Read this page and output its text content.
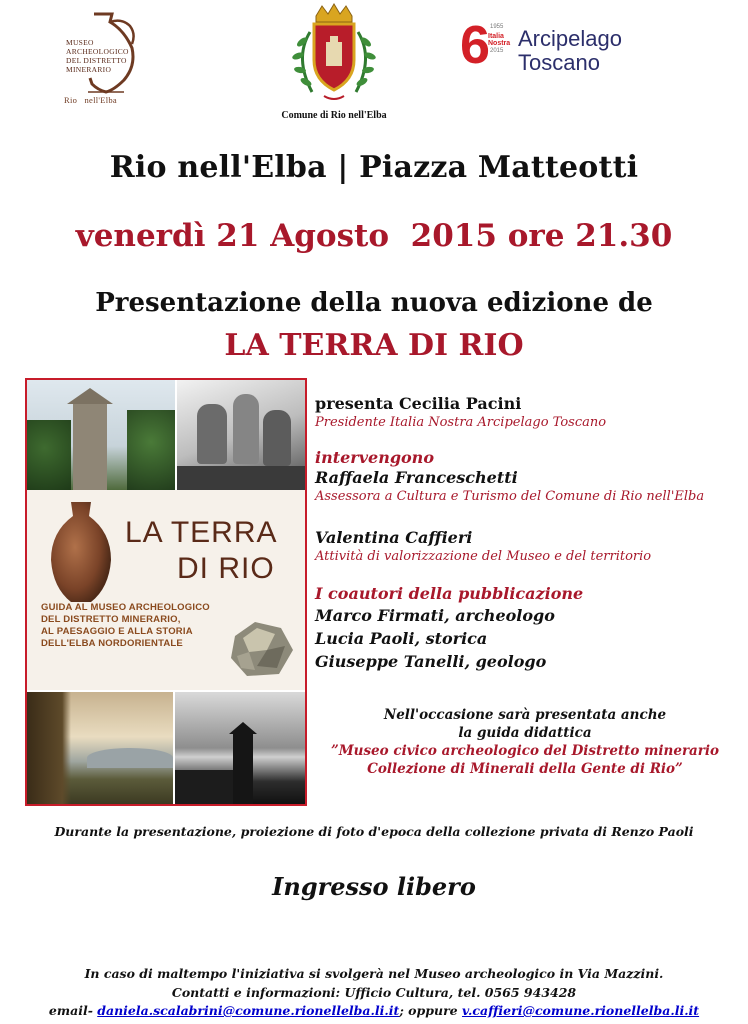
MUSEO
ARCHEOLOGICO
DEL DISTRETTO
MINERARIO
Rio   nell'Elba
Comune di Rio nell'Elba
6 1955
2015
Italia Nostra Arcipelago
Toscano
Rio nell'Elba | Piazza Matteotti
venerdì 21 Agosto  2015 ore 21.30
Presentazione della nuova edizione de
LA TERRA DI RIO
LA TERRA
DI RIO
GUIDA AL MUSEO ARCHEOLOGICO
DEL DISTRETTO MINERARIO,
AL PAESAGGIO E ALLA STORIA
DELL'ELBA NORDORIENTALE

presenta Cecilia Pacini

Presidente Italia Nostra Arcipelago Toscano

intervengono

Raffaela Franceschetti

Assessora a Cultura e Turismo del Comune di Rio nell'Elba

Valentina Caffieri

Attività di valorizzazione del Museo e del territorio

I coautori della pubblicazione

Marco Firmati, archeologo

Lucia Paoli, storica

Giuseppe Tanelli, geologo

Nell'occasione sarà presentata anche
la guida didattica
”Museo civico archeologico del Distretto minerario
Collezione di Minerali della Gente di Rio”
Durante la presentazione, proiezione di foto d'epoca della collezione privata di Renzo Paoli
Ingresso libero
In caso di maltempo l'iniziativa si svolgerà nel Museo archeologico in Via Mazzini.
Contatti e informazioni: Ufficio Cultura, tel. 0565 943428
email- daniela.scalabrini@comune.rionellelba.li.it; oppure v.caffieri@comune.rionellelba.li.it
